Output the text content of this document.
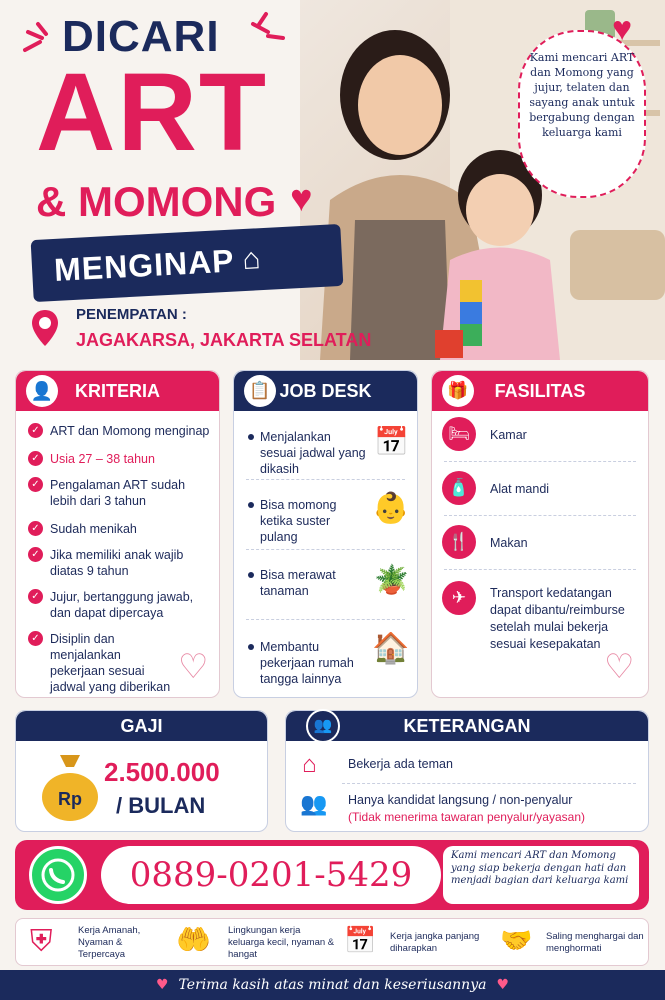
DICARI
ART
& MOMONG ♥
MENGINAP ⌂
PENEMPATAN :
JAGAKARSA, JAKARTA SELATAN
Kami mencari ART dan Momong yang jujur, telaten dan sayang anak untuk bergabung dengan keluarga kami
♥
👤 KRITERIA
✓ ART dan Momong menginap
✓ Usia 27 – 38 tahun
✓ Pengalaman ART sudah lebih dari 3 tahun
✓ Sudah menikah
✓ Jika memiliki anak wajib diatas 9 tahun
✓ Jujur, bertanggung jawab, dan dapat dipercaya
✓ Disiplin dan menjalankan pekerjaan sesuai jadwal yang diberikan
♡
📋 JOB DESK
Menjalankan sesuai jadwal yang dikasih
📅
Bisa momong ketika suster pulang
👶
Bisa merawat tanaman	🪴
Membantu pekerjaan rumah tangga lainnya
🏠
🎁	FASILITAS
🛏	Kamar
🧴	Alat mandi
🍴	Makan
✈	Transport kedatangan dapat dibantu/reimburse setelah mulai bekerja sesuai kesepakatan
♡
GAJI
Rp
2.500.000
/ BULAN
👥	KETERANGAN
⌂	Bekerja ada teman
👥 Hanya kandidat langsung / non-penyalur
(Tidak menerima tawaran penyalur/yayasan)
0889-0201-5429	Kami mencari ART dan Momong yang siap bekerja dengan hati dan menjadi bagian dari keluarga kami
⛨	Kerja Amanah, Nyaman & Terpercaya	🤲 Lingkungan kerja keluarga kecil, nyaman & hangat	📅 Kerja jangka panjang diharapkan	🤝 Saling menghargai dan menghormati
♥ Terima kasih atas minat dan keseriusannya ♥
